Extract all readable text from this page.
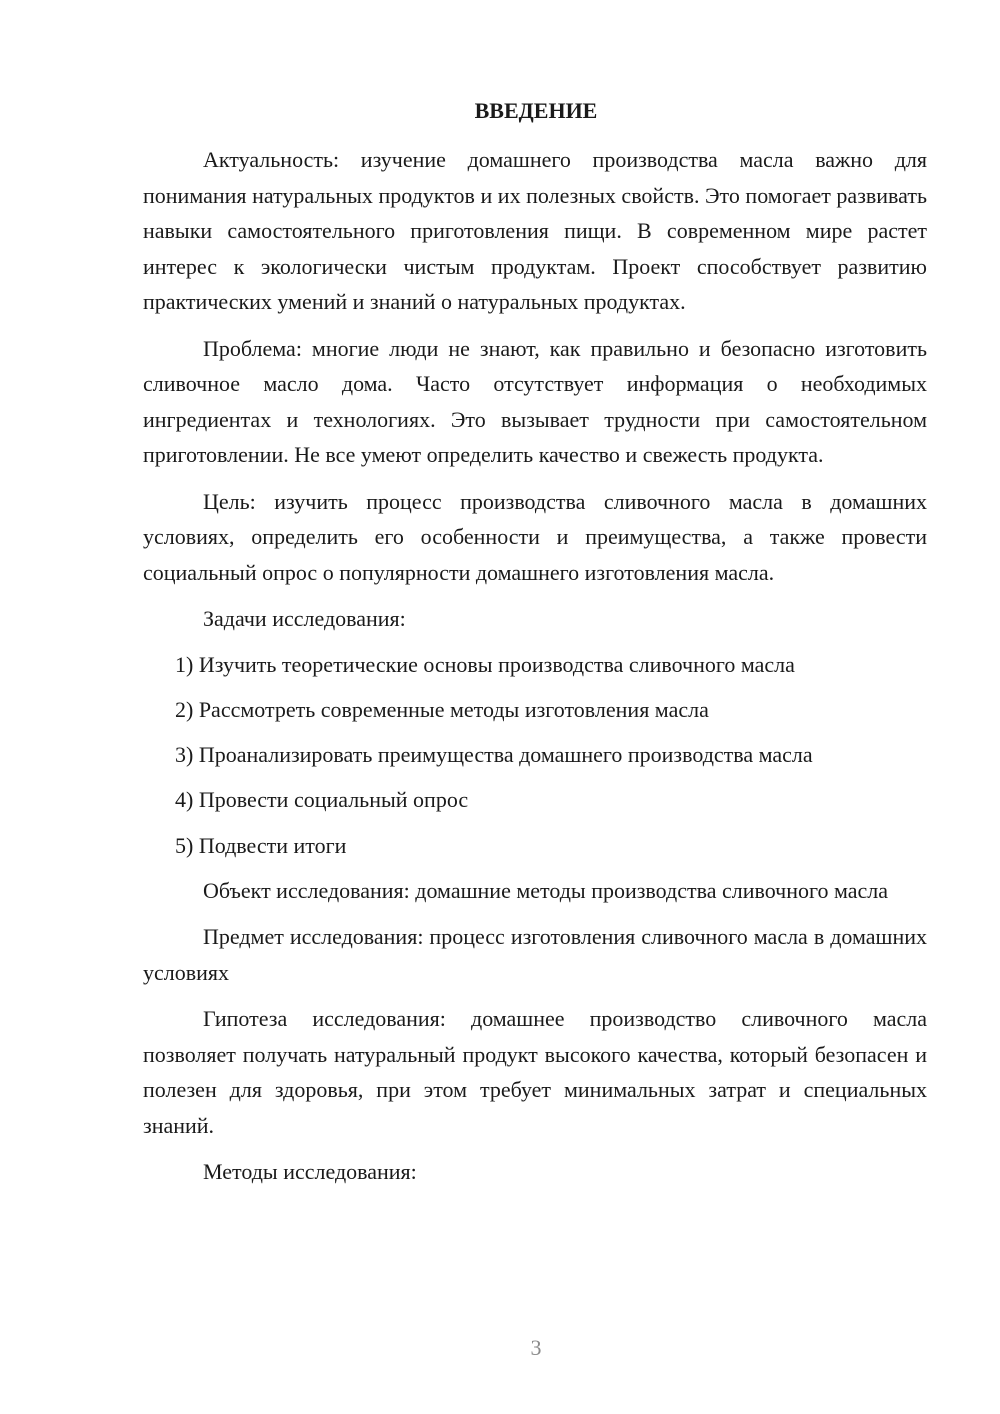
ВВЕДЕНИЕ

Актуальность: изучение домашнего производства масла важно для понимания натуральных продуктов и их полезных свойств. Это помогает развивать навыки самостоятельного приготовления пищи. В современном мире растет интерес к экологически чистым продуктам. Проект способствует развитию практических умений и знаний о натуральных продуктах.

Проблема: многие люди не знают, как правильно и безопасно изготовить сливочное масло дома. Часто отсутствует информация о необходимых ингредиентах и технологиях. Это вызывает трудности при самостоятельном приготовлении. Не все умеют определить качество и свежесть продукта.

Цель: изучить процесс производства сливочного масла в домашних условиях, определить его особенности и преимущества, а также провести социальный опрос о популярности домашнего изготовления масла.

Задачи исследования:

1) Изучить теоретические основы производства сливочного масла

2) Рассмотреть современные методы изготовления масла

3) Проанализировать преимущества домашнего производства масла

4) Провести социальный опрос

5) Подвести итоги

Объект исследования: домашние методы производства сливочного масла

Предмет исследования: процесс изготовления сливочного масла в домашних условиях

Гипотеза исследования: домашнее производство сливочного масла позволяет получать натуральный продукт высокого качества, который безопасен и полезен для здоровья, при этом требует минимальных затрат и специальных знаний.

Методы исследования:

3
